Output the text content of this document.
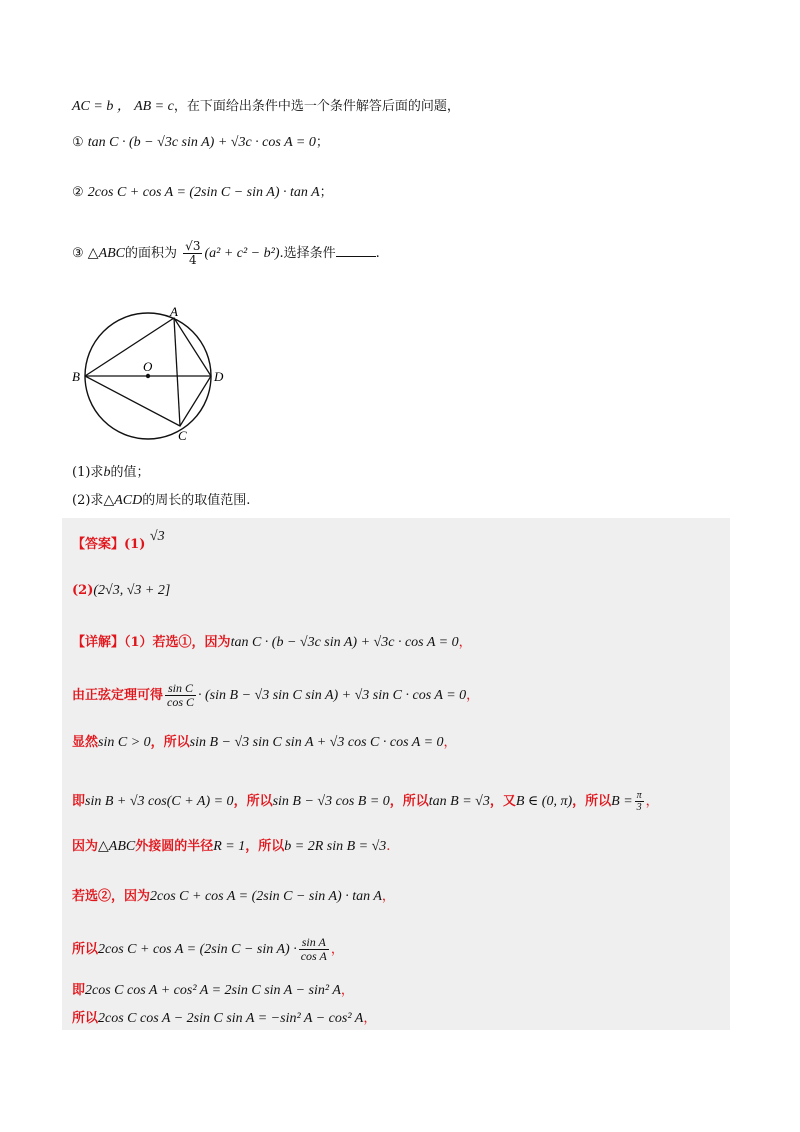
AC = b ， AB = c，在下面给出条件中选一个条件解答后面的问题，
① tan C · (b − √3c sin A) + √3c · cos A = 0；
② 2cos C + cos A = (2sin C − sin A) · tan A；
③ △ABC的面积为 $\frac{√3}{4} (a^2 + c^2 - b^2)$.选择条件	.
A
B
C
D
O
(1)求b的值；
(2)求△ACD的周长的取值范围.
【答案】(1) √3
(2)(2√3, √3 + 2]
【详解】（1）若选①，因为tan C · (b − √3c sin A) + √3c · cos A = 0，
由正弦定理可得 $\frac{\text{sin C}}{\text{cos C}} \cdot (\sin$ B − √3 sin C sin A) + √3 sin C · cos A = 0，
显然sin C > 0，所以sin B − √3 sin C sin A + √3 cos C · cos A = 0，
即sin B + √3 cos(C + A) = 0，所以sin B − √3 cos B = 0，所以tan B = √3，又B ∈ (0, π)，所以$B = \frac{\pi}{3}$ ，
因为△ABC外接圆的半径R = 1，所以b = 2R sin B = √3.
若选②，因为2cos C + cos A = (2sin C − sin A) · tan A，
所以2cos C + cos A = (2sin $C - \sin A) \cdot \frac{\text{sin A}}{\text{cos A}}$ ，
即2cos C cos A + cos² A = 2sin C sin A − sin² A，
所以2cos C cos A − 2sin C sin A = −sin² A − cos² A，
